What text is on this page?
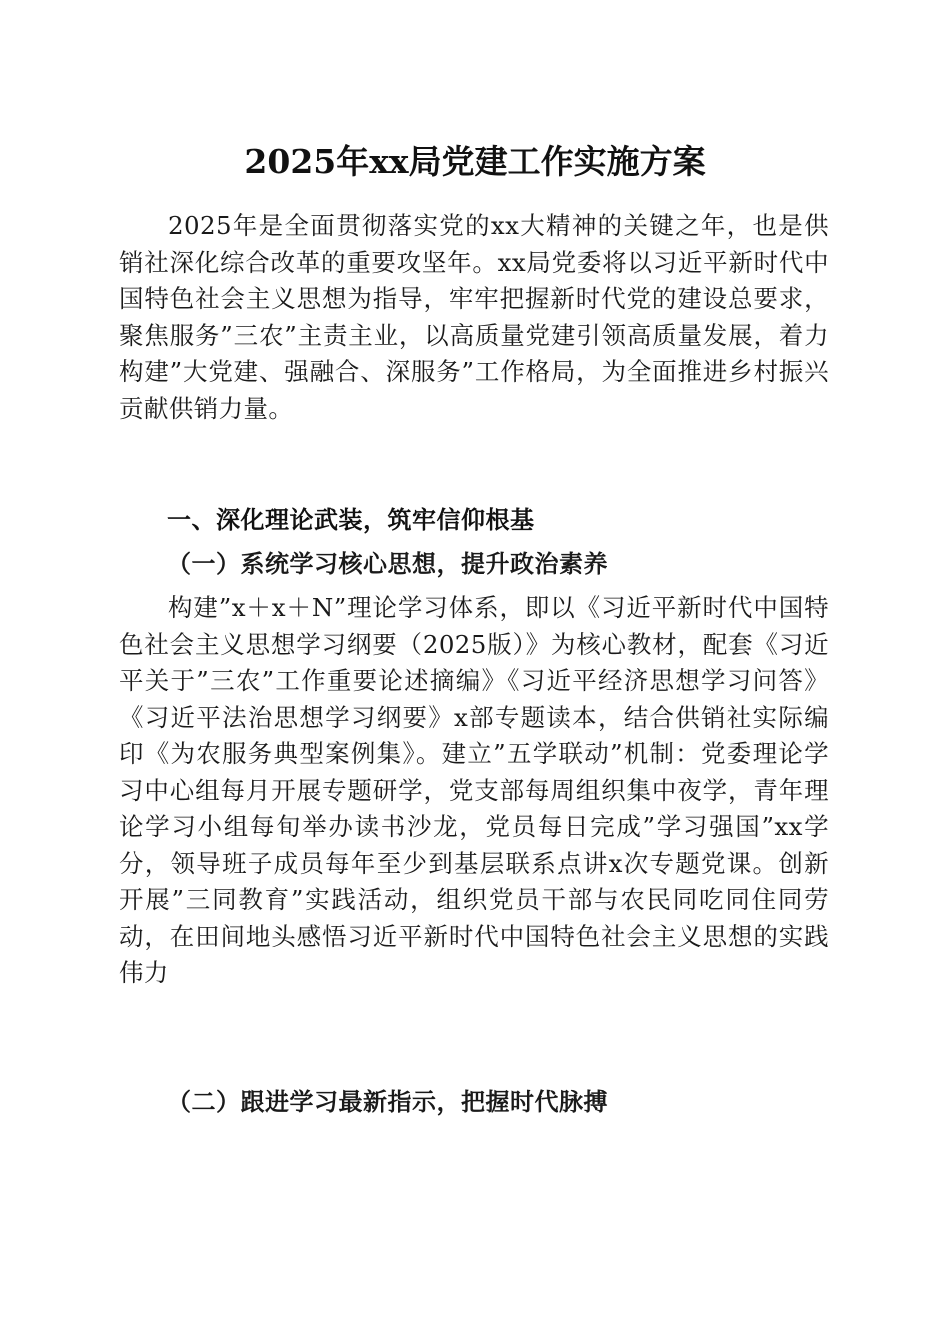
2025年xx局党建工作实施方案

2025年是全面贯彻落实党的xx大精神的关键之年，也是供销社深化综合改革的重要攻坚年。xx局党委将以习近平新时代中国特色社会主义思想为指导，牢牢把握新时代党的建设总要求，聚焦服务”三农”主责主业，以高质量党建引领高质量发展，着力构建”大党建、强融合、深服务”工作格局，为全面推进乡村振兴贡献供销力量。

一、深化理论武装，筑牢信仰根基
（一）系统学习核心思想，提升政治素养

构建”x＋x＋N”理论学习体系，即以《习近平新时代中国特色社会主义思想学习纲要（2025版）》为核心教材，配套《习近平关于”三农”工作重要论述摘编》《习近平经济思想学习问答》《习近平法治思想学习纲要》x部专题读本，结合供销社实际编印《为农服务典型案例集》。建立”五学联动”机制：党委理论学习中心组每月开展专题研学，党支部每周组织集中夜学，青年理论学习小组每旬举办读书沙龙，党员每日完成”学习强国”xx学分，领导班子成员每年至少到基层联系点讲x次专题党课。创新开展”三同教育”实践活动，组织党员干部与农民同吃同住同劳动，在田间地头感悟习近平新时代中国特色社会主义思想的实践伟力

（二）跟进学习最新指示，把握时代脉搏
